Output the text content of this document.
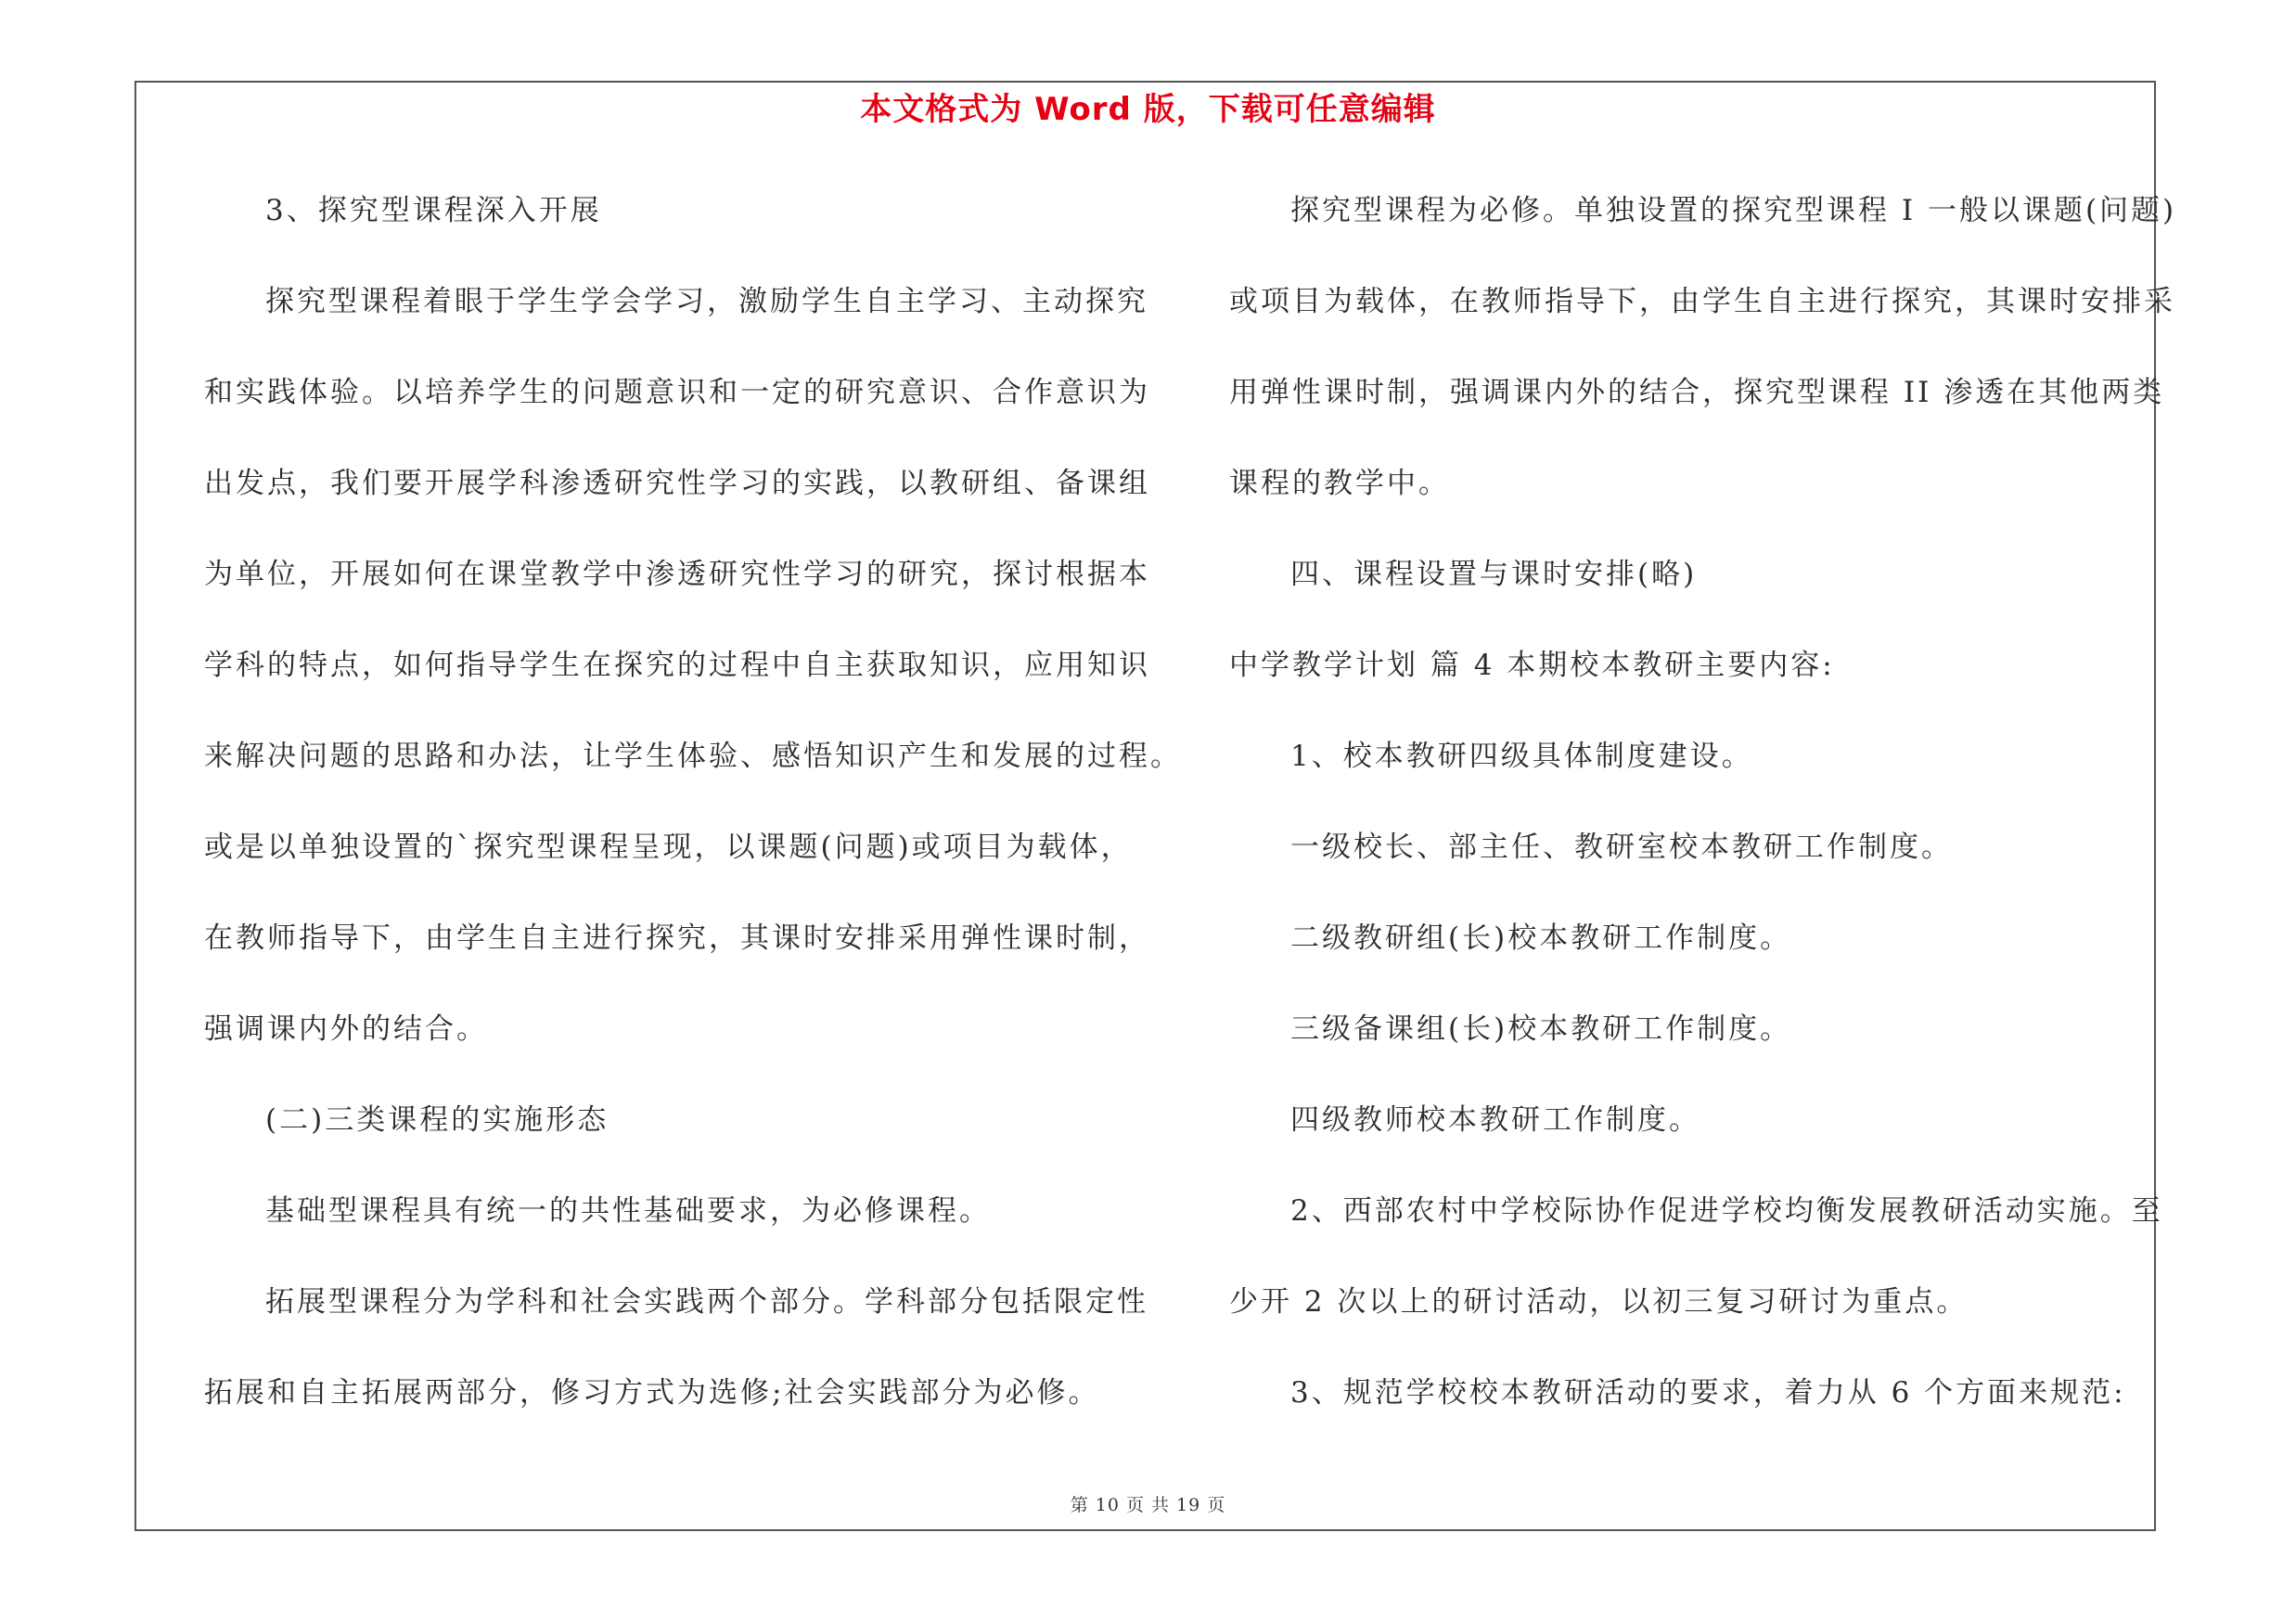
本文格式为 Word 版，下载可任意编辑
3、探究型课程深入开展
探究型课程着眼于学生学会学习，激励学生自主学习、主动探究
和实践体验。以培养学生的问题意识和一定的研究意识、合作意识为
出发点，我们要开展学科渗透研究性学习的实践，以教研组、备课组
为单位，开展如何在课堂教学中渗透研究性学习的研究，探讨根据本
学科的特点，如何指导学生在探究的过程中自主获取知识，应用知识
来解决问题的思路和办法，让学生体验、感悟知识产生和发展的过程。
或是以单独设置的`探究型课程呈现，以课题(问题)或项目为载体，
在教师指导下，由学生自主进行探究，其课时安排采用弹性课时制，
强调课内外的结合。
(二)三类课程的实施形态
基础型课程具有统一的共性基础要求，为必修课程。
拓展型课程分为学科和社会实践两个部分。学科部分包括限定性
拓展和自主拓展两部分，修习方式为选修;社会实践部分为必修。
探究型课程为必修。单独设置的探究型课程 I 一般以课题(问题)
或项目为载体，在教师指导下，由学生自主进行探究，其课时安排采
用弹性课时制，强调课内外的结合，探究型课程 II 渗透在其他两类
课程的教学中。
四、课程设置与课时安排(略)
中学教学计划 篇 4 本期校本教研主要内容:
1、校本教研四级具体制度建设。
一级校长、部主任、教研室校本教研工作制度。
二级教研组(长)校本教研工作制度。
三级备课组(长)校本教研工作制度。
四级教师校本教研工作制度。
2、西部农村中学校际协作促进学校均衡发展教研活动实施。至
少开 2 次以上的研讨活动，以初三复习研讨为重点。
3、规范学校校本教研活动的要求，着力从 6 个方面来规范:
第 10 页 共 19 页
